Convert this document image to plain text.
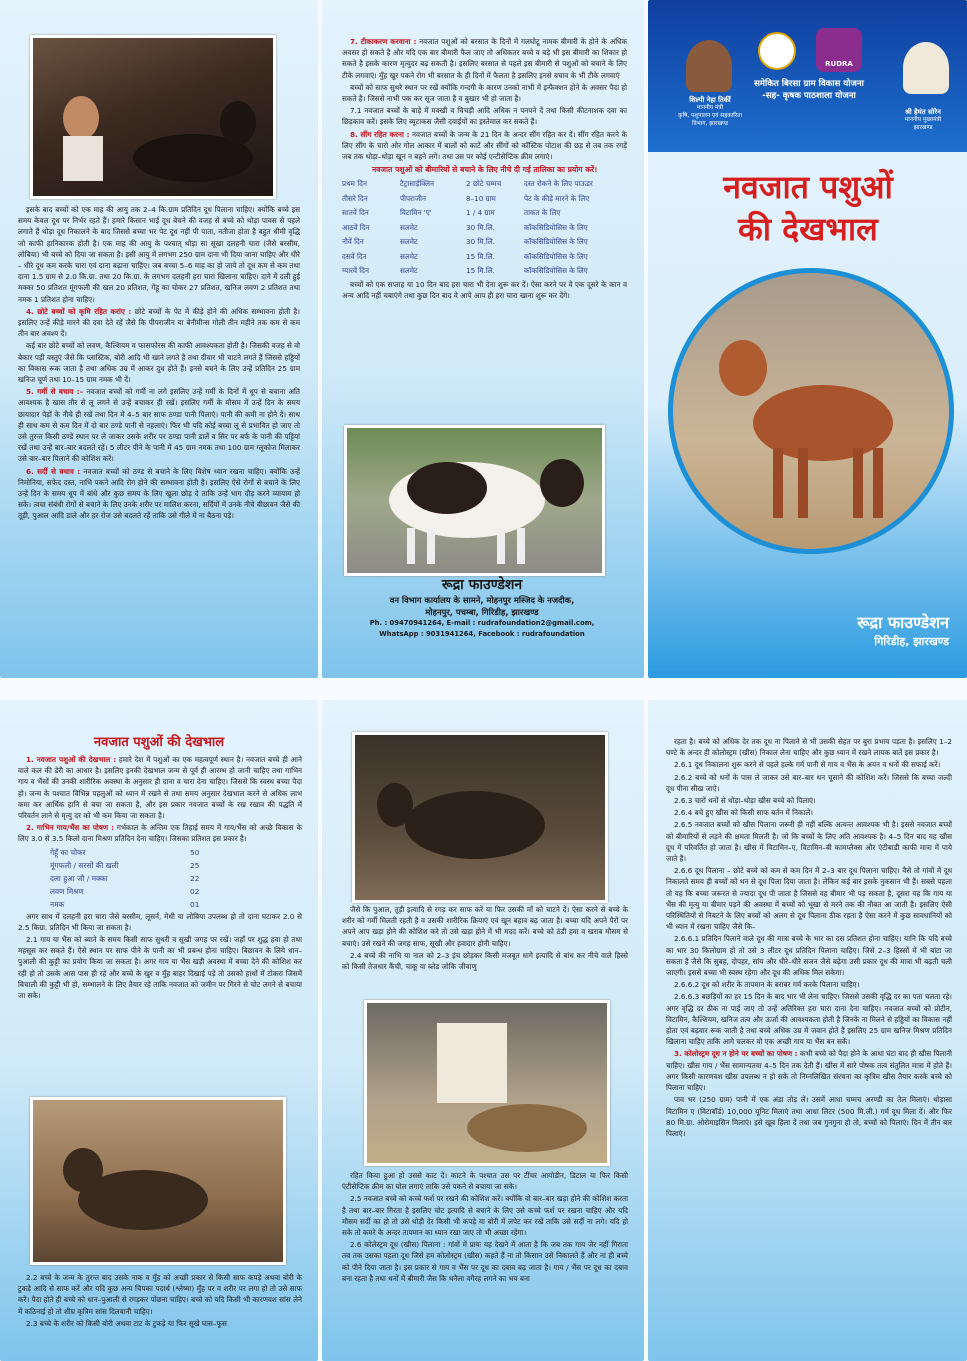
इसके बाद बच्चों को एक माह की आयु तक 2–4 कि.ग्राम प्रतिदिन दूध पिलाना चाहिए। क्योंकि बच्चे इस समय केवल दूध पर निर्भर रहते हैं। हमारे किसान भाई दूध बेचने की वजह से बच्चे को थोड़ा पावस से पहले लगाते हैं थोड़ा दूध निकालने के बाद जिससे बच्चा भर पेट दूध नहीं पी पाता, नतीजा होता है बहुत धीमी वृद्धि जो काफी हानिकारक होती है। एक माह की आयु के पश्चात् थोड़ा सा सूखा दलहनी चारा (जैसे बरसीम, लोबिया) भी बच्चे को दिया जा सकता है। इसी आयु में लगभग 250 ग्राम दाना भी दिया जाना चाहिए और धीरे – धीरे दूध कम करके चारा एवं दाना बढ़ाना चाहिए। जब बच्चा 5–6 माह का हो जाये तो दूध कम से कम तथा दाना 1.5 ग्राम से 2.0 कि.ग्रा. तथा 20 कि.ग्रा. के लगभग दलहनी हरा चारा खिलाना चाहिए। दाने में दली हुई मक्का 50 प्रतिशत मूंगफली की खल 20 प्रतिशत, गेंहू का चोकर 27 प्रतिशत, खनिज लवण 2 प्रतिशत तथा नमक 1 प्रतिशत होना चाहिए।

4. छोटे बच्चों को कृमि रहित करांए : छोटे बच्चों के पेट में कीड़े होने की अधिक सम्भावना होती है। इसलिए उन्हें कीड़े मारने की दवा देते रहें जैसे कि पीपराजीन या बेनीमीन्स गोली तीन महीने तक कम से कम तीन बार अवश्य दें।

कई बार छोटे बच्चों को लवण, कैल्शियम व फासफोरस की काफी आवश्यकता होती है। जिसकी वजह से वो बेकार पड़ी वस्तुएं जैसे कि प्लास्टिक, बोरी आदि भी खाने लगते है तथा दीवार भी चाटने लगते हैं जिससे हड्डियों का विकास रूक जाता है तथा अधिक उम्र में आकर दुध होते हैं। इनसे बचने के लिए उन्हें प्रतिदिन 25 ग्राम खनिज चूर्ण तथा 10–15 ग्राम नमक भी दें।

5. गर्मी से बचाव :– नवजात बच्चों को गर्मी ना लगे इसलिए उन्हें गर्मी के दिनों में धूप से बचाना अति आवश्यक है खास तौर से लू लगने से उन्हें बचाकर ही रखें। इसलिए गर्मी के मौसम में उन्हें दिन के समय छायादार पेड़ों के नीचे ही रखें तथा दिन में 4–5 बार साफ ठण्डा पानी पिलाएं। पानी की कमी ना होने दें। साथ ही साथ कम से कम दिन में दो बार ठण्डे पानी से नहलाएं। फिर भी यदि कोई बच्चा लू से प्रभावित हो जाए तो उसे तुरन्त किसी ठण्डे स्थान पर ले जाकर उसके शरीर पर ठण्डा पानी डालें व सिर पर बर्फ के पानी की पट्टियां रखें तथा उन्हें बार–बार बदलते रहें। 5 लीटर पीने के पानी में 45 ग्राम नमक तथा 100 ग्राम ग्लूकोज मिलाकर उसे बार–बार पिलाने की कोशिश करें।

6. सर्दी से बचाव : नवजात बच्चों को ठण्ड से बचाने के लिए विशेष ध्यान रखना चाहिए। क्योंकि उन्हें निमोनिया, सफेद दस्त, नाभि पकने आदि रोग होने की सम्भावना होती है। इसलिए ऐसे रोगों से बचाने के लिए उन्हें दिन के समय धूप में बांधे और कुछ समय के लिए खुला छोड़ दे ताकि उन्हें भाग दौड़ करने व्यायाम हो सके। त्वचा संबंधी रोगों से बचाने के लिए उनके शरीर पर मालिश करना, सर्दियों में उनके नीचे बीछावन जैसे की तूड़ी, पुआल आदि डाले और हर रोज उसे बदलते रहें ताकि उसे गीले में ना बैठना पड़े।

7. टीकाकरण करवाना : नवजात पशुओं को बरसात के दिनों में गलघोटू नामक बीमारी के होने के अधिक अवसर हो सकते है और यदि एक बार बीमारी फैल जाए तो अधिकतर बच्चे व बड़े भी इस बीमारी का शिकार हो सकते है इसके कारण मृत्युदर बढ़ सकती है। इसलिए बरसात से पहले इस बीमारी से पशुओं को बचाने के लिए टीके लगवाएं। मुँह खुर पकने रोग भी बरसात के ही दिनों में फैलता है इसलिए इनसे बचाव के भी टीके लगवाएं

बच्चों को साफ सुथरे स्थान पर रखें क्योंकि गन्दगी के कारण उनको नाभी में इन्फैक्शन होने के अवसर पैदा हो सकते है। जिससे नाभी पक कर सूज जाता है व बुखार भी हो जाता है।

7.1 नवजात बच्चों के बाड़े में मक्खी व चिचड़ी आदि अधिक न पनपने दें तथा किसी कीटनाशक दवा का छिड़काव करें। इसके लिए ब्यूटाकस जैसी दवाईयों का इस्तेमाल कर सकते हैं।

8. सींग रहित करना : नवजात बच्चों के जन्म के 21 दिन के अन्दर सींग रहित कर दें। सींग रहित करने के लिए सींग के चारो ओर गोल आकार में बालों को काटें और सींगों को कॉस्टिक पोटाश की छड़ से तब तक रगड़ें जब तक थोड़ा–थोड़ा खून न बहने लगे। तथा उस पर कोई एन्टीसेप्टिक क्रीम लगाएं।

नवजात पशुओं को बीमारियों से बचाने के लिए नीचे दी गई तालिका का प्रयोग करें।
प्रथम दिन	टैट्रासाईक्लिन	2 छोटे चम्मच	दस्त रोकने के लिए पाऊडर
तीसरे दिन	पीपराजीन	8–10 ग्राम	पेट के कीड़े मारने के लिए
सातवें दिन	विटामिन 'ए'	1 / 4 ग्राम	ताकत के लिए
आठवें दिन	सलमेट	30 मि.लि.	कॉकसिडियोसिस के लिए
नौवें दिन	सलमेट	30 मि.लि.	कॉकसिडियोसिस के लिए
दसवें दिन	सलमेट	15 मि.लि.	कॉकसिडियोसिस के लिए
ग्यारवें दिन	सलमेट	15 मि.लि.	कॉकसिडियोसिस के लिए

बच्चों को एक सप्ताह या 10 दिन बाद हरा चारा भी देना शुरू कर दें। ऐसा करने पर वे एक दूसरे के कान व अन्य आदि नहीं चबाएंगे तथा कुछ दिन बाद वे आपे आप ही हरा चारा खाना शुरू कर देंगे।

रूद्रा फाउण्डेशन
वन विभाग कार्यालय के सामने, मोहनपुर मस्जिद के नजदीक,
मोहनपुर, पचम्बा, गिरिडीह, झारखण्ड
Ph. : 09470941264, E-mail : rudrafoundation2@gmail.com,
WhatsApp : 9031941264, Facebook : rudrafoundation
RUDRA
समेकित बिरसा ग्राम विकास योजना
-सह- कृषक पाठशाला योजना
शिल्पी नेहा तिर्की
माननीय मंत्री
कृषि, पशुपालन एवं सहकारिता
विभाग, झारखण्ड
श्री हेमंत सोरेन
माननीय मुख्यमंत्री
झारखण्ड
नवजात पशुओं
की देखभाल
रूद्रा फाउण्डेशन
गिरिडीह, झारखण्ड
नवजात पशुओं की देखभाल

1. नवजात पशुओं की देखभाल : हमारे देश में पशुओं का एक महत्वपूर्ण स्थान है। नवजात बच्चे ही आने वाले कल की डेरी का आधार है। इसलिए इनकी देखभाल जन्म से पूर्व ही आरम्भ हो जानी चाहिए तथा गाभिन गाय व भैंसों की उनकी शारीरिक अवस्था के अनुसार ही दाना व चारा देना चाहिए। जिससे कि स्वस्थ बच्चा पैदा हो। जन्म के पश्चात विभिन्न पहलुओं को ध्यान में रखने से तथा समय अनुसार देखभाल करने से अधिक लाभ कमा कर आर्थिक हानि से बचा जा सकता है, और इस प्रकार नवजात बच्चों के रख रखाव की पद्धति में परिवर्तन लाने से मृत्यु दर को भी कम किया जा सकता है।

2. गाभिन गाय/भैंस का पोषण : गर्भकाल के अन्तिम एक तिहाई समय में गाय/भैंस को अच्छे विकास के लिए 3.0 से 3.5 किलो दाना मिश्रण प्रतिदिन देना चाहिए। जिसका प्रतिशत इस प्रकार है।

गेहूँ का चोकर	50
मूंगफली / सरसों की खली	25
दला हुआ जौ / मक्का	22
लवण मिश्रण	02
नमक	01

अगर साथ में दलहनी हरा चारा जैसे बरसीम, लूसर्न, मेथी या लोबिया उपलब्ध हो तो दाना घटाकर 2.0 से 2.5 किग्रा. प्रतिदिन भी किया जा सकता है।

2.1 गाय या भैंस को ब्याने के समय किसी साफ सुथरी व सूखी जगह पर रखें। जहाँ पर शुद्ध हवा हो तथा महसूस कर सकते हैं। ऐसे स्थान पर साफ पीने के पानी का भी प्रबन्ध होना चाहिए। बिछावन के लिये धान–पुआली की कुट्टी का प्रयोग किया जा सकता है। अगर गाय या भैंस खड़ी अवस्था में बच्चा देने की कोशिश कर रही हो तो उसके आस पास ही रहे और बच्चे के खुर व मुँह बाहर दिखाई पड़े तो उसको हाथों में टोकरा जिसमें बिचाली की कुट्टी भी हो, सम्भालने के लिए तैयार रहे ताकि नवजात को जमीन पर गिरने से चोट लगने से बचाया जा सके।

2.2 बच्चे के जन्म के तुरन्त बाद उसके नाक व मुँह को अच्छी प्रकार से किसी साफ कपड़े अथवा बोरी के टुकड़े आदि से साफ करें और यदि कुछ अन्य चिपका पदार्थ (श्लेष्मा) मुँह पर व शरीर पर लगा हो तो उसे साफ करें। पैदा होते ही बच्चे को धान–पुआली से रगड़कर पोंछना चाहिए। बच्चे को यदि किसी भी कारणवश सांस लेने में कठिनाई हो तो शीघ्र कृत्रिम सांस दिलवानी चाहिए।

2.3 बच्चे के शरीर को किसी बोरी अथवा टाट के टुकड़े या फिर सूखे घास–फूस

जैसे कि पुआल, तूड़ी इत्यादि से रगड़ कर साफ करें या फिर उसकी माँ को चाटने दें। ऐसा करने से बच्चे के शरीर को गर्मी मिलती रहती है व उसकी शारीरिक क्रियाएं एवं खून बहाव बढ़ जाता है। बच्चा यदि अपने पैरों पर अपने आप खड़ा होने की कोशिश करे तो उसे खड़ा होने में भी मदद करें। बच्चे को ठंडी हवा व खराब मौसम से बचाएं। उसे रखने की जगह साफ, सूखी और हवादार होनी चाहिए।

2.4 बच्चे की नाभि या नाल को 2–3 इंच छोड़कर किसी मजबूत धागे इत्यादि से बांध कर नीचे वाले हिस्से को किसी तेजधार कैंची, चाकू या ब्लेड जोकि जीवाणु

रहित किया हुआ हो उससे काट दें। काटने के पश्चात उस पर टींचर आयोडीन, डिटाल या फिर किसी एंटीसेप्टिक क्रीम का घोल लगाएं ताकि उसे पकने से बचाया जा सके।

2.5 नवजात बच्चे को कच्चे फर्श पर रखने की कोशिश करें। क्योंकि वो बार–बार खड़ा होने की कोशिश करता है तथा बार–बार गिरता है इसलिए चोट इत्यादि से बचाने के लिए उसे कच्चे फर्श पर रखना चाहिए और यदि मौसम सर्दी का हो तो उसे थोड़ी देर किसी भी कपड़े या बोरी में लपेट कर रखें ताकि उसे सर्दी ना लगे। यदि हो सके तो कमरे के अन्दर तापमान का ध्यान रखा जाए तो भी अच्छा रहेगा।

2.6 कोलेस्ट्रम दूध (खीस) पिलाना : गांवों में प्रायः यह देखने में आता है कि जब तक गाय जेर नहीं गिराता तब तक उसका पहला दूध जिसे हम कोलोस्ट्रम (खीस) कहते हैं ना तो किसान उसे निकालते हैं और ना ही बच्चे को पीने दिया जाता है। इस प्रकार से गाय व भैंस पर दूध का दबाव बढ़ जाता है। गाय / भैंस पर दूध का दबाव बना रहता है तथा थनों में बीमारी जैस कि थनैला वगैरह लगने का भय बना

रहता है। बच्चे को अधिक देर तक दूध ना पिलाने से भी उसकी सेहत पर बुरा प्रभाव पड़ता है। इसलिए 1–2 घण्टे के अन्दर ही कोलोस्ट्रम (खीस) निकाल लेना चाहिए और कुछ ध्यान में रखने लायक बातें इस प्रकार है।

2.6.1 दूध निकालना शुरू करने से पहले हल्के गर्म पानी से गाय व भैंस के अयन व थनों की सफाई करें।

2.6.2 बच्चे को थनों के पास ले जाकर उसे बार–बार थन चूसाने की कोशिश करें। जिससे कि बच्चा जल्दी दूध पीना सीख जाऐ।

2.6.3 चारों थनों से थोड़ा–थोड़ा खीस बच्चे को पिलाएं।

2.6.4 बचे हुए खीस को किसी साफ बर्तन में निकालें।

2.6.5 नवजात बच्चों को खीस पिलाना जरूरी ही नहीं बल्कि अत्यन्त आवश्यक भी है। इससे नवजात बच्चों को बीमारियों से लड़ने की क्षमता मिलती है। जो कि बच्चों के लिए अति आवश्यक है। 4–5 दिन बाद यह खीस दूध में परिवर्तित हो जाता है। खीस में विटामिन–ए, विटामिन–बी कामप्लैक्स और एंटीबाडी काफी मात्रा में पाये जाते हैं।

2.6.6 दूध पिलाना – छोटे बच्चे को कम से कम दिन में 2–3 बार दूध पिलाना चाहिए। वैसे तो गांवों में दूध निकालते समय ही बच्चों को थन से दूध पिला दिया जाता है। लेकिन कई बार इसके नुकसान भी हैं। सबसे पहला तो यह कि बच्चा जरूरत से ज्यादा दूध पी जाता है जिससे वह बीमार भी पड़ सकता है, दूसरा यह कि गाय या भैंस की मृत्यु या बीमार पड़ने की अवस्था में बच्चों को भूखा से मरने तक की नौबत आ जाती है। इसलिए ऐसी परिस्थितियों से निबटने के लिए बच्चों को अलग से दूध पिलाना ठीक रहता है ऐसा करने में कुछ सावधानियों को भी ध्यान में रखना चाहिए जैसे कि–

2.6.6.1 प्रतिदिन पिलाने वाले दूध की मात्रा बच्चे के भार का दस प्रतिशत होना चाहिए। यानि कि यदि बच्चे का भार 30 किलोग्राम हो तो उसे 3 लीटर दूध प्रतिदिन पिलाना चाहिए। जिसे 2–3 हिस्सों में भी बांटा जा सकता है जैसे कि सुबह, दोपहर, सांय और धीरे–धीरे सजन जैसे बढ़ेगा उसी प्रकार दूध की मात्रा भी बढ़ती चली जाएगी। इससे बच्चा भी स्वस्थ रहेगा और दूध की अधिक मिल सकेगा।

2.6.6.2 दूध को शरीर के तापमान के बराबर गर्म करके पिलाना चाहिए।

2.6.6.3 बछड़ियों का हर 15 दिन के बाद भार भी लेना चाहिए। जिससे उसकी वृद्धि दर का पता चलता रहे। अगर वृद्धि दर ठीक ना पाई जाए तो उन्हें अतिरिक्त हरा चारा दाना देना चाहिए। नवजात बच्चों को प्रोटीन, विटामिन, कैल्शियम, खनिज तत्व और ऊर्जा की आवश्यकता होती है जिनके ना मिलने से हड्डियों का विकास नहीं होता एवं बढ़वार रूक जाती है तथा बच्चे अधिक उम्र में जवान होते हैं इसलिए 25 ग्राम खनिज मिश्रण प्रतिदिन खिलाना चाहिए ताकि आगे चलकर वो एक अच्छी गाय या भैंस बन सकें।

3. कोलोस्ट्रम दूध न होने पर बच्चों का पोषण : कभी बच्चे को पैदा होने के आधा घंटा बाद ही खीस पिलानी चाहिए। खीस गाय / भैंस सामान्यतया 4–5 दिन तक देती हैं। खीस में सारे पोषक तत्व संतुलित मात्रा में होते हैं। अगर किसी कारणवश खीस उपलब्ध न हो सके तो निम्नलिखित संरचना का कृत्रिम खीस तैयार करके बच्चे को पिलाना चाहिए।

पाव भर (250 ग्राम) पानी में एक अंडा तोड़ लें। उसमें आधा चम्मच अरण्डी का तेल मिलाएं। थोड़ासा विटामिन ए (विटाबॉर्ड) 10,000 यूनिट मिलाएं तथा आधा लिटर (500 मि.ली.) गर्म दूध मिला दें। और फिर 80 मि.ग्रा. ओरोमाइसिन मिलाएं। इसे खूब हिला दें तथा जब गुनगुना हो तो, बच्चों को पिलाएं। दिन में तीन बार पिलाएं।
